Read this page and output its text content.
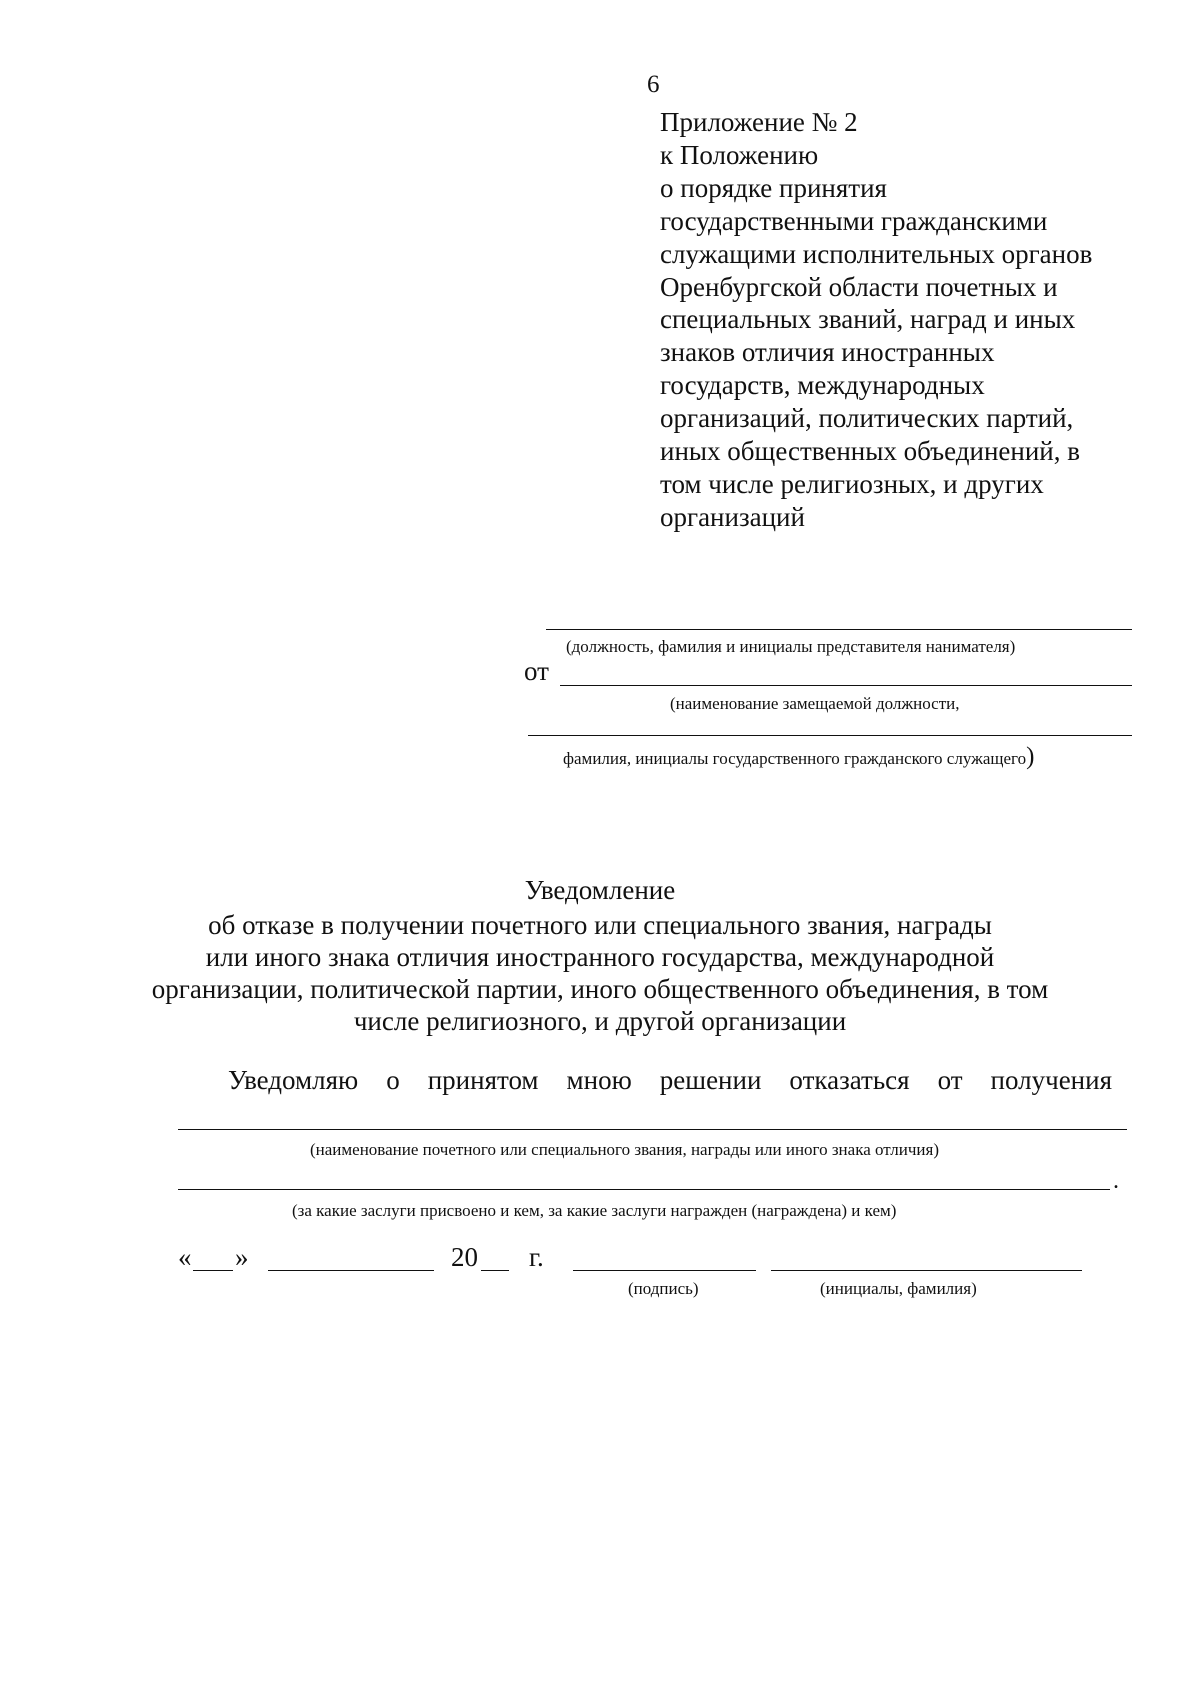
6
Приложение № 2
к Положению
о порядке принятия
государственными гражданскими
служащими исполнительных органов
Оренбургской области почетных и
специальных званий, наград и иных
знаков отличия иностранных
государств, международных
организаций, политических партий,
иных общественных объединений, в
том числе религиозных, и других
организаций
(должность, фамилия и инициалы представителя нанимателя)
от
(наименование замещаемой должности,
фамилия, инициалы государственного гражданского служащего)
Уведомление
об отказе в получении почетного или специального звания, награды
или иного знака отличия иностранного государства, международной
организации, политической партии, иного общественного объединения, в том
числе религиозного, и другой организации
Уведомляю о принятом мною решении отказаться от получения
(наименование почетного или специального звания, награды или иного знака отличия)
.
(за какие заслуги присвоено и кем, за какие заслуги награжден (награждена) и кем)
« »	20 г.
(подпись)	(инициалы, фамилия)
